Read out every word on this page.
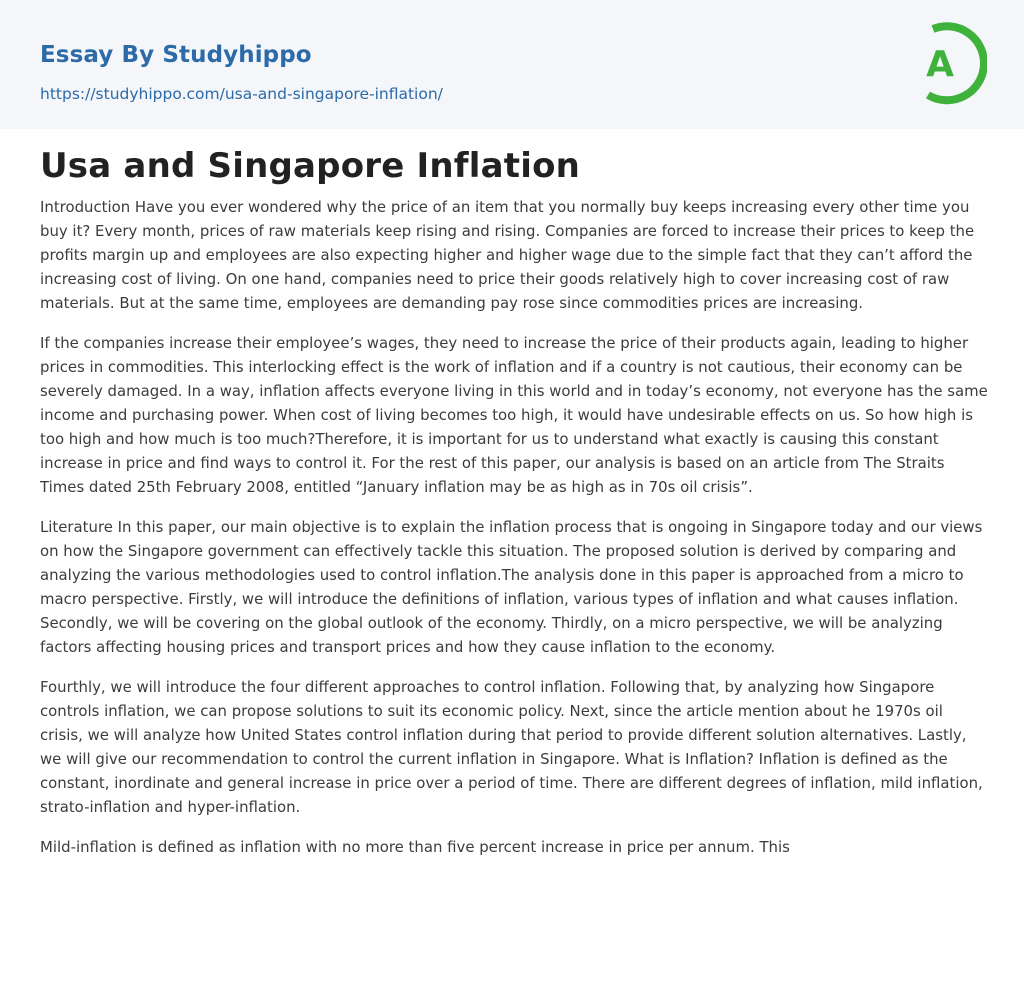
Essay By Studyhippo
https://studyhippo.com/usa-and-singapore-inflation/
A
Usa and Singapore Inflation

Introduction Have you ever wondered why the price of an item that you normally buy keeps increasing every other time you buy it? Every month, prices of raw materials keep rising and rising. Companies are forced to increase their prices to keep the profits margin up and employees are also expecting higher and higher wage due to the simple fact that they can’t afford the increasing cost of living. On one hand, companies need to price their goods relatively high to cover increasing cost of raw materials. But at the same time, employees are demanding pay rose since commodities prices are increasing.

If the companies increase their employee’s wages, they need to increase the price of their products again, leading to higher prices in commodities. This interlocking effect is the work of inflation and if a country is not cautious, their economy can be severely damaged. In a way, inflation affects everyone living in this world and in today’s economy, not everyone has the same income and purchasing power. When cost of living becomes too high, it would have undesirable effects on us. So how high is too high and how much is too much?Therefore, it is important for us to understand what exactly is causing this constant increase in price and find ways to control it. For the rest of this paper, our analysis is based on an article from The Straits Times dated 25th February 2008, entitled “January inflation may be as high as in 70s oil crisis”.

Literature In this paper, our main objective is to explain the inflation process that is ongoing in Singapore today and our views on how the Singapore government can effectively tackle this situation. The proposed solution is derived by comparing and analyzing the various methodologies used to control inflation.The analysis done in this paper is approached from a micro to macro perspective. Firstly, we will introduce the definitions of inflation, various types of inflation and what causes inflation. Secondly, we will be covering on the global outlook of the economy. Thirdly, on a micro perspective, we will be analyzing factors affecting housing prices and transport prices and how they cause inflation to the economy.

Fourthly, we will introduce the four different approaches to control inflation. Following that, by analyzing how Singapore controls inflation, we can propose solutions to suit its economic policy. Next, since the article mention about he 1970s oil crisis, we will analyze how United States control inflation during that period to provide different solution alternatives. Lastly, we will give our recommendation to control the current inflation in Singapore. What is Inflation? Inflation is defined as the constant, inordinate and general increase in price over a period of time. There are different degrees of inflation, mild inflation, strato-inflation and hyper-inflation.

Mild-inflation is defined as inflation with no more than five percent increase in price per annum. This
